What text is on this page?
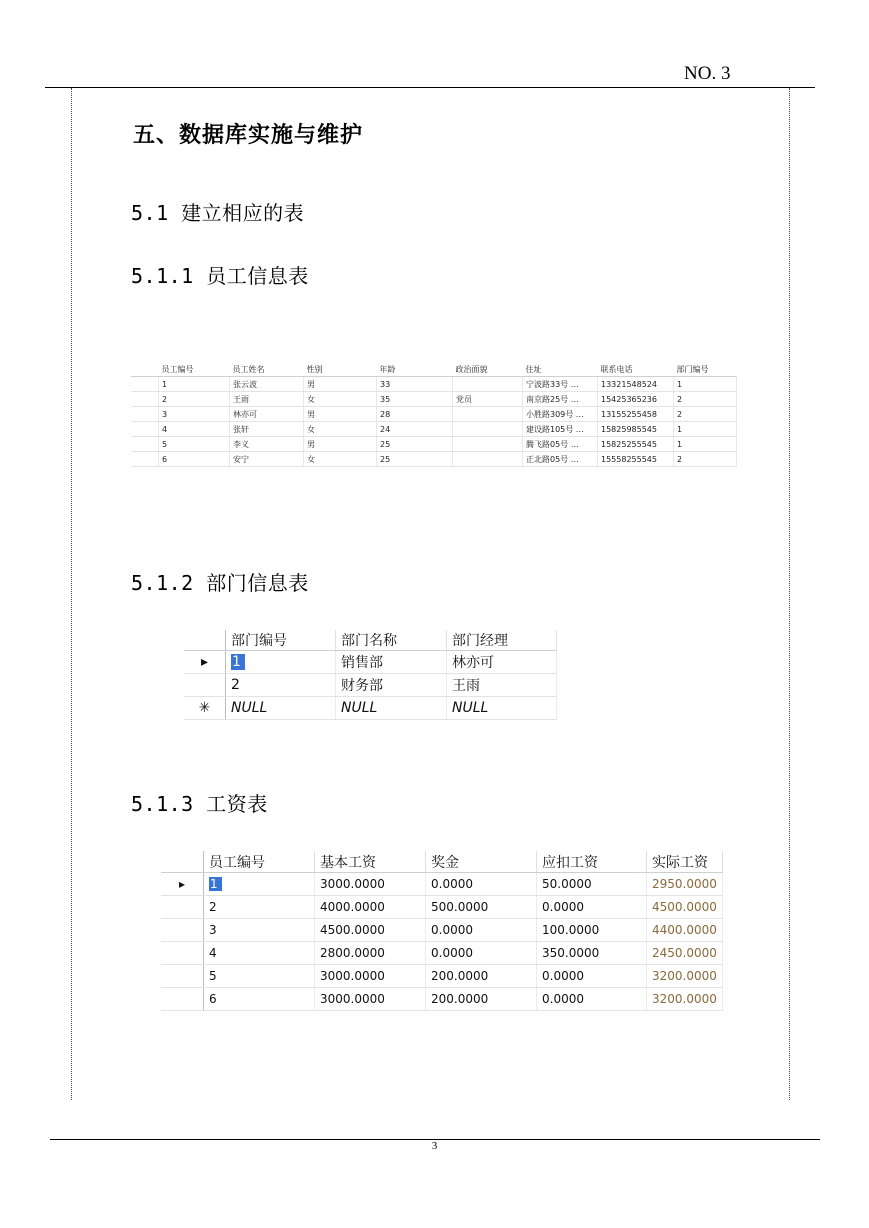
NO. 3
五、数据库实施与维护
5.1 建立相应的表
5.1.1 员工信息表
	员工编号	员工姓名	性别	年龄	政治面貌	住址	联系电话	部门编号
	1	张云波	男	33		宁波路33号 …	13321548524	1
	2	王雨	女	35	党员	南京路25号 …	15425365236	2
	3	林亦可	男	28		小胜路309号 …	13155255458	2
	4	张轩	女	24		建设路105号 …	15825985545	1
	5	李义	男	25		腾飞路05号 …	15825255545	1
	6	安宁	女	25		正北路05号 …	15558255545	2
5.1.2 部门信息表
	部门编号	部门名称	部门经理
▸	1	销售部	林亦可
	2	财务部	王雨
✳	NULL	NULL	NULL
5.1.3 工资表
	员工编号	基本工资	奖金	应扣工资	实际工资
▸	1	3000.0000	0.0000	50.0000	2950.0000
	2	4000.0000	500.0000	0.0000	4500.0000
	3	4500.0000	0.0000	100.0000	4400.0000
	4	2800.0000	0.0000	350.0000	2450.0000
	5	3000.0000	200.0000	0.0000	3200.0000
	6	3000.0000	200.0000	0.0000	3200.0000
3
